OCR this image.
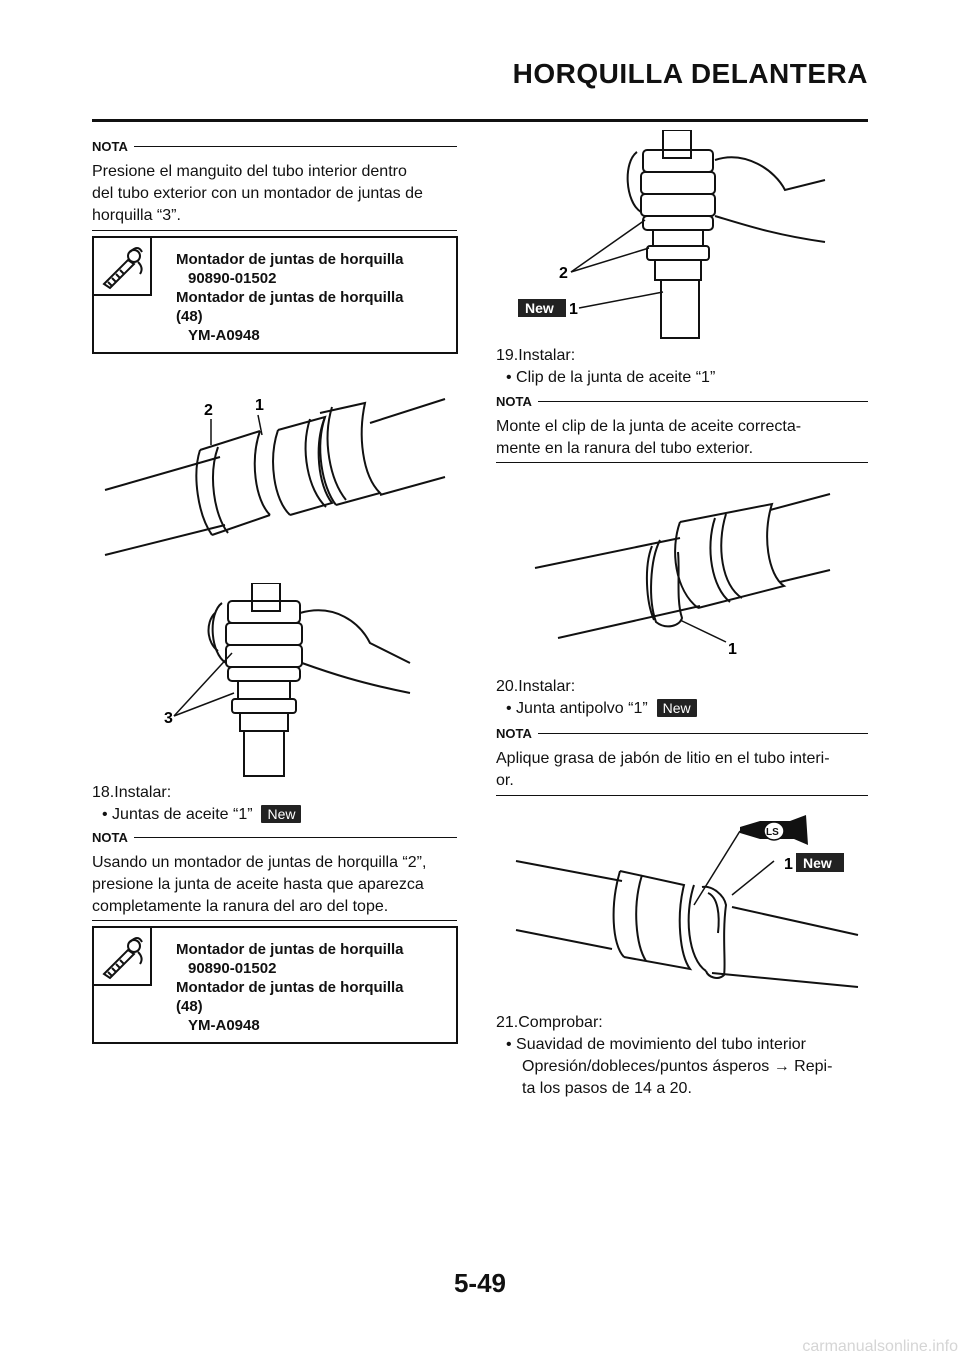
HORQUILLA DELANTERA
NOTA
Presione el manguito del tubo interior dentro
del tubo exterior con un montador de juntas de
horquilla “3”.
Montador de juntas de horquilla
90890-01502
Montador de juntas de horquilla
(48)
YM-A0948
2	1
3
18.Instalar:
• Juntas de aceite “1” New
NOTA
Usando un montador de juntas de horquilla “2”,
presione la junta de aceite hasta que aparezca
completamente la ranura del aro del tope.
Montador de juntas de horquilla
90890-01502
Montador de juntas de horquilla
(48)
YM-A0948
2
New 1
19.Instalar:
• Clip de la junta de aceite “1”
NOTA
Monte el clip de la junta de aceite correcta-
mente en la ranura del tubo exterior.
1
20.Instalar:
• Junta antipolvo “1” New
NOTA
Aplique grasa de jabón de litio en el tubo interi-
or.
LS
1 New
21.Comprobar:
• Suavidad de movimiento del tubo interior
Opresión/dobleces/puntos ásperos → Repi-
ta los pasos de 14 a 20.
5-49
carmanualsonline.info
